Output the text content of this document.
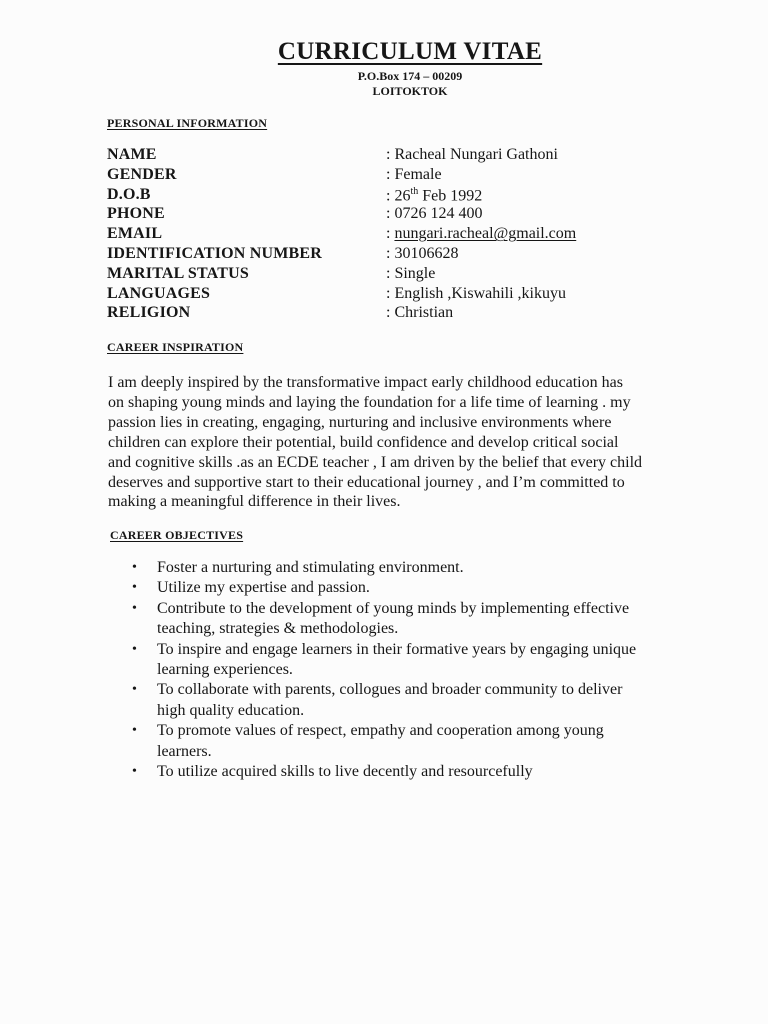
CURRICULUM VITAE
P.O.Box 174 – 00209
LOITOKTOK
PERSONAL INFORMATION
NAME	: Racheal Nungari Gathoni
GENDER	: Female
D.O.B	: 26th Feb 1992
PHONE	: 0726 124 400
EMAIL	: nungari.racheal@gmail.com
IDENTIFICATION NUMBER	: 30106628
MARITAL STATUS	: Single
LANGUAGES	: English ,Kiswahili ,kikuyu
RELIGION	: Christian
CAREER INSPIRATION
I am deeply inspired by the transformative impact early childhood education has
on shaping young minds and laying the foundation for a life time of learning . my
passion lies in creating, engaging, nurturing and inclusive environments where
children can explore their potential, build confidence and develop critical social
and cognitive skills .as an ECDE teacher , I am driven by the belief that every child
deserves and supportive start to their educational journey , and I’m committed to
making a meaningful difference in their lives.
CAREER OBJECTIVES
• Foster a nurturing and stimulating environment.
• Utilize my expertise and passion.
• Contribute to the development of young minds by implementing effective
teaching, strategies & methodologies.
• To inspire and engage learners in their formative years by engaging unique
learning experiences.
• To collaborate with parents, collogues and broader community to deliver
high quality education.
• To promote values of respect, empathy and cooperation among young
learners.
• To utilize acquired skills to live decently and resourcefully
